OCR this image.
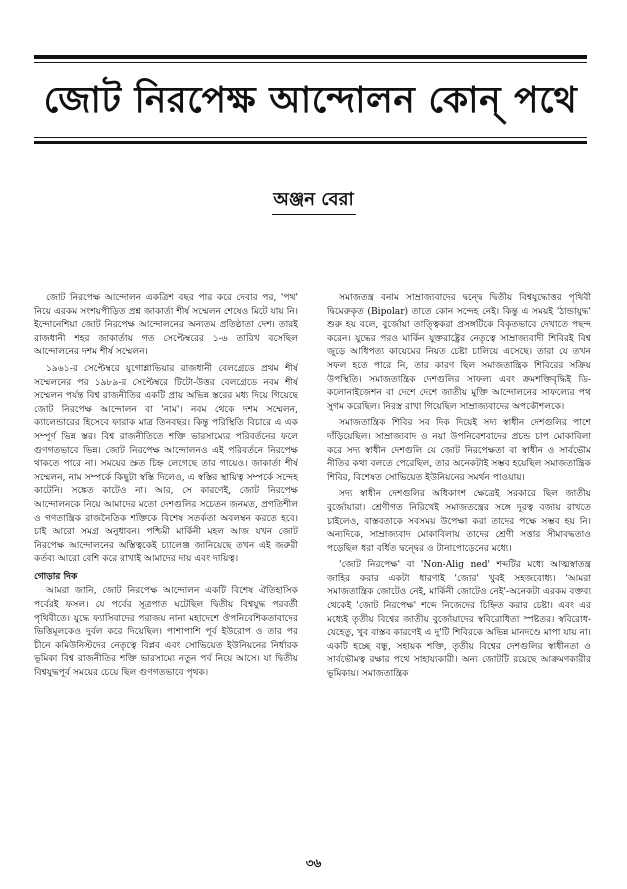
জোট নিরপেক্ষ আন্দোলন কোন্ পথে
অঞ্জন বেরা

জোট নিরপেক্ষ আন্দোলন একত্রিশ বছর পার করে দেবার পর, 'পথ' নিয়ে এরকম সংশয়পীড়িত প্রশ্ন জাকার্তা শীর্ষ সম্মেলন শেষেও মিটে যায় নি। ইন্দোনেশিয়া জোট নিরপেক্ষ আন্দোলনের অন্যতম প্রতিষ্ঠাতা দেশ। তারই রাজধানী শহর জাকার্তায় গত সেপ্টেম্বরের ১-৬ তারিখ বসেছিল আন্দোলনের দশম শীর্ষ সম্মেলন।

১৯৬১-র সেপ্টেম্বরে যুগোশ্লাভিয়ার রাজধানী বেলগ্রেডে প্রথম শীর্ষ সম্মেলনের পর ১৯৮৯-র সেপ্টেম্বরে টিটো-উত্তর বেলগ্রেডে নবম শীর্ষ সম্মেলন পর্যন্ত বিশ্ব রাজনীতির একটি প্রায় অভিন্ন স্তরের মধ্য দিয়ে গিয়েছে জোট নিরপেক্ষ আন্দোলন বা 'নাম'। নবম থেকে দশম সম্মেলন, ক্যালেন্ডারের হিসেবে ফারাক মাত্র তিনবছর। কিন্তু পরিস্থিতি বিচারে এ এক সম্পূর্ণ ভিন্ন স্তর। বিশ্ব রাজনীতিতে শক্তি ভারসাম্যের পরিবর্তনের ফলে গুণগতভাবে ভিন্ন। জোট নিরপেক্ষ আন্দোলনও এই পরিবর্তনে নিরপেক্ষ থাকতে পারে না। সময়ের স্রুত চিহ্ন লেগেছে তার গায়েও। জাকার্তা শীর্ষ সম্মেলন, নাম সম্পর্কে কিছুটা স্বস্তি দিলেও, এ স্বস্তির স্থায়িত্ব সম্পর্কে সন্দেহ কাটেনি। সঙ্কেত কাটেও না। আর, সে কারণেই, জোট নিরপেক্ষ আন্দোলনকে নিয়ে আমাদের মতো দেশগুলির সচেতন জনমত, প্রগতিশীল ও গণতান্ত্রিক রাজনৈতিক শক্তিকে বিশেষ সতর্কতা অবলম্বন করতে হবে। চাই আরো সমগ্র অনুধাবন। পশ্চিমী মার্কিনী মহল আজ যখন জোট নিরপেক্ষ আন্দোলনের অস্তিত্বকেই চ্যালেঞ্জ জানিয়েছে তখন এই জরুরী কর্তব্য আরো বেশি করে রাখাই আমাদের দায় এবং দায়িত্ব।

গোড়ার দিক

আমরা জানি, জোট নিরপেক্ষ আন্দোলন একটি বিশেষ ঐতিহাসিক পর্বেরই ফসল। যে পর্বের সূত্রপাত ঘটেছিল দ্বিতীয় বিশ্বযুদ্ধ পরবর্তী পৃথিবীতে। যুদ্ধে ফ্যাসিবাদের পরাজয় নানা মহাদেশে ঔপনিবেশিকতাবাদের ভিত্তিমূলকেও দুর্বল করে দিয়েছিল। পাশাপাশি পূর্ব ইউরোপ ও তার পর চীনে কমিউনিস্টদের নেতৃত্বে বিপ্লব এবং সোভিয়েত ইউনিয়নের নির্ধারক ভূমিকা বিশ্ব রাজনীতির শক্তি ভারসাম্যে নতুন পর্ব নিয়ে আসে। যা দ্বিতীয় বিশ্বযুদ্ধপূর্ব সময়ের চেয়ে ছিল গুণগতভাবে পৃথক।

সমাজতন্ত্র বনাম সাম্রাজ্যবাদের দ্বন্দ্বে দ্বিতীয় বিশ্বযুদ্ধোত্তর পৃথিবী দ্বিমেরুকৃত (Bipolar) তাতে কোন সন্দেহ নেই। কিন্তু এ সময়ই 'ঠান্ডাযুদ্ধ' শুরু হয় বলে, বুর্জোয়া তাত্ত্বিকরা প্রসঙ্গটিকে বিকৃতভাবে দেখাতে পছন্দ করেন। যুদ্ধের পরও মার্কিন যুক্তরাষ্ট্রের নেতৃত্বে সাম্রাজ্যবাদী শিবিরই বিশ্ব জুড়ে আধিপত্য কায়েমের নিয়ত চেষ্টা চালিয়ে এসেছে। তারা যে তখন সফল হতে পারে নি, তার কারণ ছিল সমাজতান্ত্রিক শিবিরের সক্রিয় উপস্থিতি। সমাজতান্ত্রিক দেশগুলির সাফল্য এবং ক্রমশক্তিবৃদ্ধিই ডি-কলোনাইজেশন বা দেশে দেশে জাতীয় মুক্তি আন্দোলনের সাফল্যের পথ সুগম করেছিল। নিরস্ত্র রাখা গিয়েছিল সাম্রাজ্যবাদের অপকৌশলকে।

সমাজতান্ত্রিক শিবির সব দিক দিয়েই সদ্য স্বাধীন দেশগুলির পাশে দাঁড়িয়েছিল। সাম্রাজ্যবাদ ও নয়া উপনিবেশবাদের প্রচন্ড চাপ মোকাবিলা করে সদ্য স্বাধীন দেশগুলি যে জোট নিরপেক্ষতা বা স্বাধীন ও সার্বভৌম নীতির কথা বলতে পেরেছিল, তার অনেকটাই সম্ভব হয়েছিল সমাজতান্ত্রিক শিবির, বিশেষত সোভিয়েত ইউনিয়নের সমর্থন পাওয়ায়।

সদ্য স্বাধীন দেশগুলির অধিকাংশ ক্ষেত্রেই সরকারে ছিল জাতীয় বুর্জোয়ারা। শ্রেণীগত নিরিখেই সমাজতন্ত্রের সঙ্গে দূরত্ব বজায় রাখতে চাইলেও, বাস্তবতাকে সবসময় উপেক্ষা করা তাদের পক্ষে সম্ভব হয় নি। অন্যদিকে, সাম্রাজ্যবাদ মোকাবিলায় তাদের শ্রেণী সত্তার সীমাবদ্ধতাও পড়েছিল ধরা বর্ধিত দ্বন্দ্বের ও টানাপোড়েনের মধ্যে।

'জোট নিরপেক্ষ' বা 'Non-Alig ned' শব্দটির মধ্যে আত্মস্বাতন্ত্র জাহির করার একটা ধারণাই 'জোর' খুবই সহজবোধ্য। 'আমরা সমাজতান্ত্রিক জোটেও নেই, মার্কিনী জোটেও নেই'-অনেকটা এরকম বক্তব্য থেকেই 'জোট নিরপেক্ষ' শব্দে নিজেদের চিহ্নিত করার চেষ্টা। এবং এর মধ্যেই তৃতীয় বিশ্বের জাতীয় বুর্জোয়াদের স্ববিরোধিতা স্পষ্টতর। স্ববিরোধ-যেহেতু, খুব বাস্তব কারণেই এ দু'টি শিবিরকে অভিন্ন মানদণ্ডে মাপা যায় না। একটি হচ্ছে বন্ধু, সহায়ক শক্তি, তৃতীয় বিশ্বের দেশগুলির স্বাধীনতা ও সার্বভৌমত্ব রক্ষার পথে সাহায্যকারী। অন্য জোটটি রয়েছে আক্রমণকারীর ভূমিকায়। সমাজতান্ত্রিক

৩৬
